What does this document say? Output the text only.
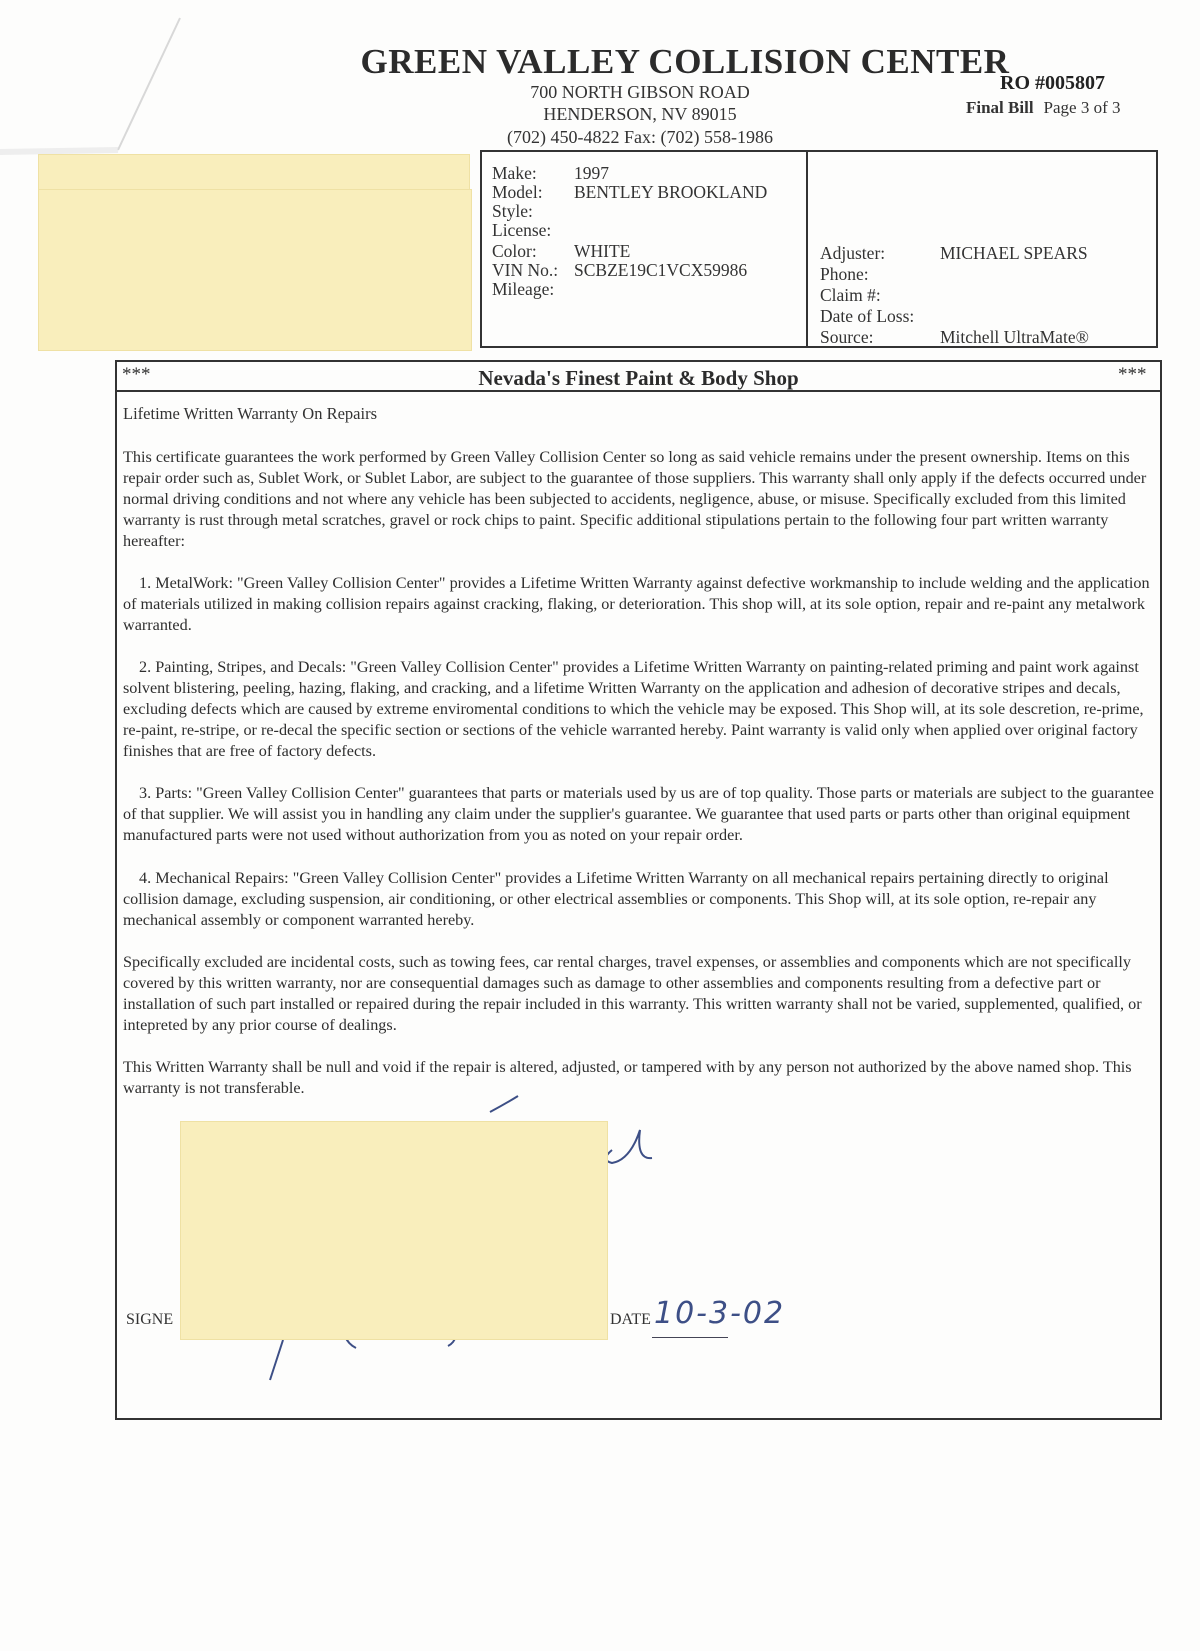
GREEN VALLEY COLLISION CENTER
700 NORTH GIBSON ROAD
HENDERSON, NV 89015
(702) 450-4822 Fax: (702) 558-1986
RO #005807
Final Bill Page 3 of 3
Make: 1997
Model: BENTLEY BROOKLAND
Style:
License:
Color: WHITE
VIN No.: SCBZE19C1VCX59986
Mileage:
Adjuster:	MICHAEL SPEARS
Phone:
Claim #:
Date of Loss:
Source:	Mitchell UltraMate®
***	***
Nevada's Finest Paint & Body Shop
Lifetime Written Warranty On Repairs
This certificate guarantees the work performed by Green Valley Collision Center so long as said vehicle remains under the present ownership. Items on this repair order such as, Sublet Work, or Sublet Labor, are subject to the guarantee of those suppliers. This warranty shall only apply if the defects occurred under normal driving conditions and not where any vehicle has been subjected to accidents, negligence, abuse, or misuse. Specifically excluded from this limited warranty is rust through metal scratches, gravel or rock chips to paint. Specific additional stipulations pertain to the following four part written warranty hereafter:
1. MetalWork: "Green Valley Collision Center" provides a Lifetime Written Warranty against defective workmanship to include welding and the application of materials utilized in making collision repairs against cracking, flaking, or deterioration. This shop will, at its sole option, repair and re-paint any metalwork warranted.
2. Painting, Stripes, and Decals: "Green Valley Collision Center" provides a Lifetime Written Warranty on painting-related priming and paint work against solvent blistering, peeling, hazing, flaking, and cracking, and a lifetime Written Warranty on the application and adhesion of decorative stripes and decals, excluding defects which are caused by extreme enviromental conditions to which the vehicle may be exposed. This Shop will, at its sole descretion, re-prime, re-paint, re-stripe, or re-decal the specific section or sections of the vehicle warranted hereby. Paint warranty is valid only when applied over original factory finishes that are free of factory defects.
3. Parts: "Green Valley Collision Center" guarantees that parts or materials used by us are of top quality. Those parts or materials are subject to the guarantee of that supplier. We will assist you in handling any claim under the supplier's guarantee. We guarantee that used parts or parts other than original equipment manufactured parts were not used without authorization from you as noted on your repair order.
4. Mechanical Repairs: "Green Valley Collision Center" provides a Lifetime Written Warranty on all mechanical repairs pertaining directly to original collision damage, excluding suspension, air conditioning, or other electrical assemblies or components. This Shop will, at its sole option, re-repair any mechanical assembly or component warranted hereby.
Specifically excluded are incidental costs, such as towing fees, car rental charges, travel expenses, or assemblies and components which are not specifically covered by this written warranty, nor are consequential damages such as damage to other assemblies and components resulting from a defective part or installation of such part installed or repaired during the repair included in this warranty. This written warranty shall not be varied, supplemented, qualified, or intepreted by any prior course of dealings.
This Written Warranty shall be null and void if the repair is altered, adjusted, or tampered with by any person not authorized by the above named shop. This warranty is not transferable.
SIGNE	DATE 10-3-02
